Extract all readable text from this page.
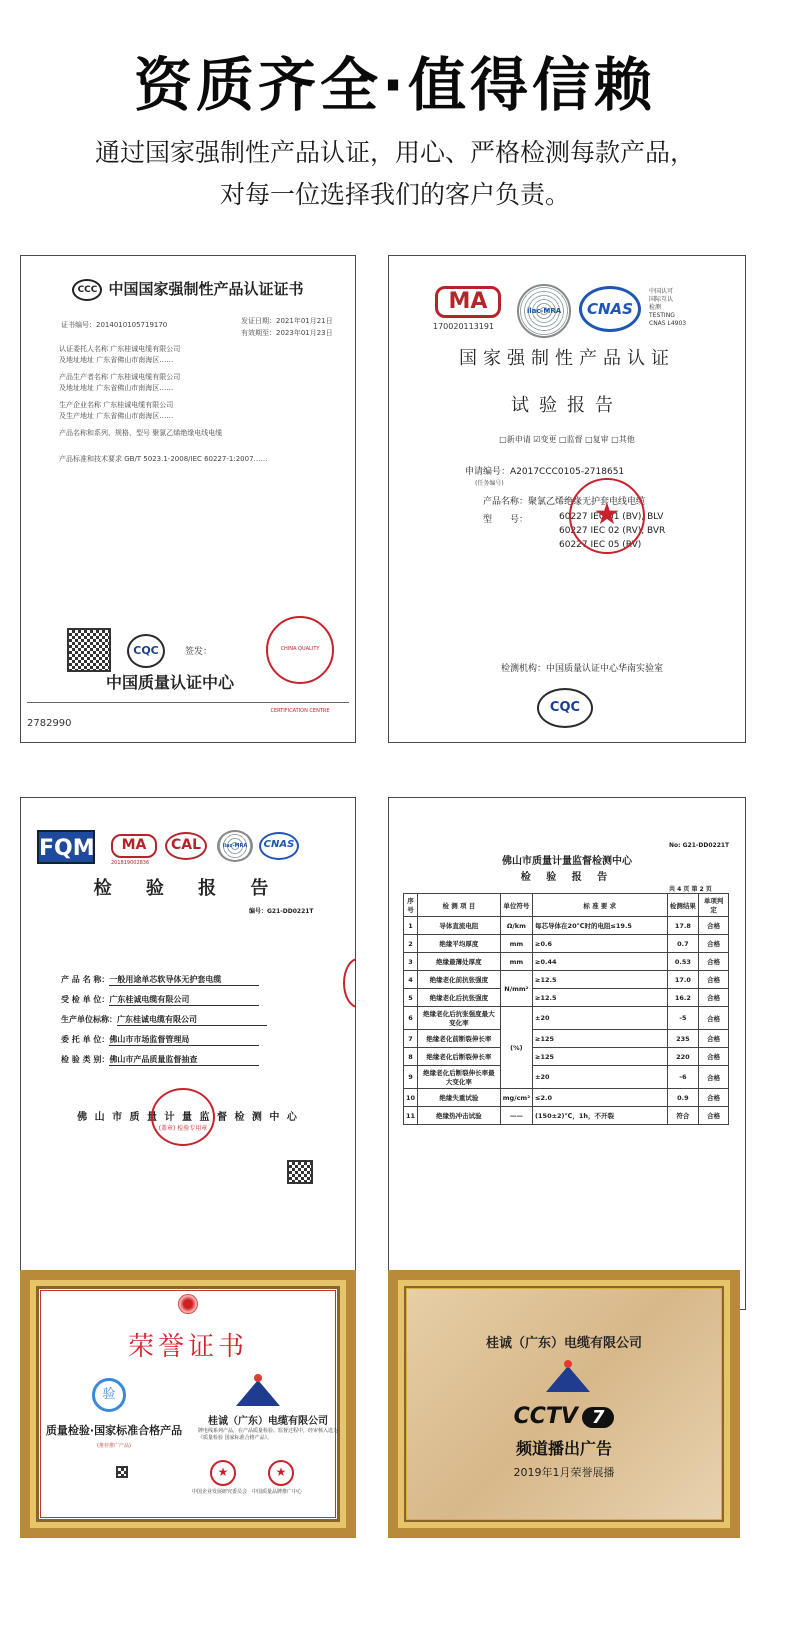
资质齐全·值得信赖
通过国家强制性产品认证，用心、严格检测每款产品，
对每一位选择我们的客户负责。
CCC 中国国家强制性产品认证证书
证书编号：2014010105719170	发证日期：2021年01月21日
有效期至：2023年01月23日
认证委托人名称 广东桂诚电缆有限公司
及地址地址 广东省佛山市南海区……
产品生产者名称 广东桂诚电缆有限公司
及地址地址 广东省佛山市南海区……
生产企业名称 广东桂诚电缆有限公司
及生产地址 广东省佛山市南海区……
产品名称和系列、规格、型号 聚氯乙烯绝缘电线电缆
产品标准和技术要求 GB/T 5023.1-2008/IEC 60227-1:2007……
CQC	签发：
中国质量认证中心
CHINA QUALITY CERTIFICATION CENTRE
2782990
MA
170020113191
ilac-MRA	CNAS
中国认可
国际互认
检测
TESTING
CNAS L4903
国家强制性产品认证
试验报告
□新申请 ☑变更 □监督 □复审 □其他
申请编号：A2017CCC0105-2718651
(任务编号)
产品名称：聚氯乙烯绝缘无护套电线电缆
型　　号：	60227 IEC 01 (BV), BLV
60227 IEC 02 (RV), BVR
60227 IEC 05 (RV)
★
检测机构：中国质量认证中心华南实验室
CQC
FQM	MA
201819002836
CAL	ilac-MRA	CNAS
检 验 报 告
编号：G21-DD0221T
产 品 名 称：一般用途单芯软导体无护套电缆
受 检 单 位：广东桂诚电缆有限公司
生产单位标称：广东桂诚电缆有限公司
委 托 单 位：佛山市市场监督管理局
检 验 类 别：佛山市产品质量监督抽查
佛 山 市 质 量 计 量 监 督 检 测 中 心
(盖章) 检验专用章
No: G21-DD0221T
佛山市质量计量监督检测中心
检 验 报 告
共 4 页 第 2 页
序号	检 测 项 目	单位符号	标 准 要 求	检测结果	单项判定
1	导体直流电阻	Ω/km	每芯导体在20℃时的电阻≤19.5	17.8	合格
2	绝缘平均厚度	mm	≥0.6	0.7	合格
3	绝缘最薄处厚度	mm	≥0.44	0.53	合格
4	绝缘老化前抗张强度	N/mm²	≥12.5	17.0	合格
5	绝缘老化后抗张强度		≥12.5	16.2	合格
6	绝缘老化后抗张强度最大变化率	(%)	±20	-5	合格
7	绝缘老化前断裂伸长率		≥125	235	合格
8	绝缘老化后断裂伸长率		≥125	220	合格
9	绝缘老化后断裂伸长率最大变化率		±20	-6	合格
10	绝缘失重试验	mg/cm²	≤2.0	0.9	合格
11	绝缘热冲击试验	——	(150±2)℃，1h，不开裂	符合	合格
荣誉证书
验
质量检验·国家标准合格产品
(推荐推广产品)
桂诚（广东）电缆有限公司
牌电线系列产品，在产品质量检验、监督过程中，经审核入选为《质量检验 国家标准合格产品》。
★	★
中国企业发展研究委员会 中国质量品牌推广中心
桂诚（广东）电缆有限公司
CCTV 7
频道播出广告
2019年1月荣誉展播
